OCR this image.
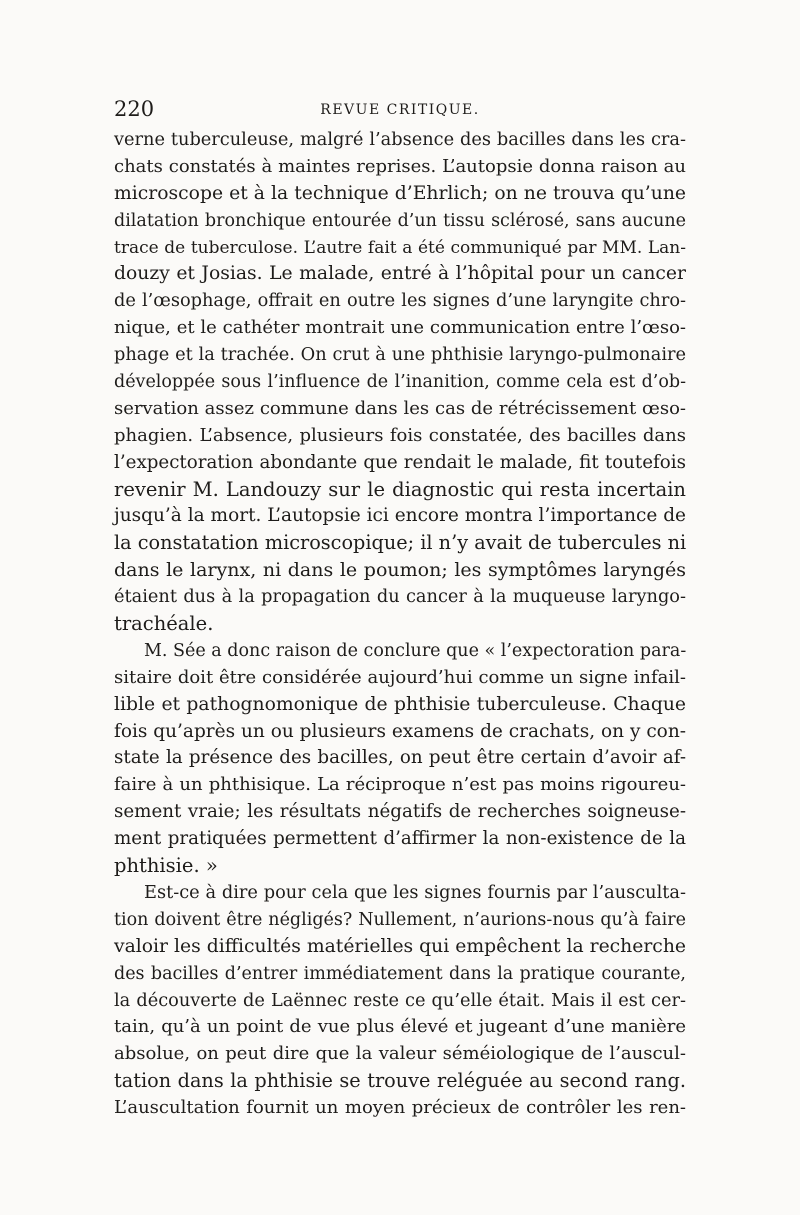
220	REVUE CRITIQUE.
verne tuberculeuse, malgré l’absence des bacilles dans les cra-
chats constatés à maintes reprises. L’autopsie donna raison au
microscope et à la technique d’Ehrlich; on ne trouva qu’une
dilatation bronchique entourée d’un tissu sclérosé, sans aucune
trace de tuberculose. L’autre fait a été communiqué par MM. Lan-
douzy et Josias. Le malade, entré à l’hôpital pour un cancer
de l’œsophage, offrait en outre les signes d’une laryngite chro-
nique, et le cathéter montrait une communication entre l’œso-
phage et la trachée. On crut à une phthisie laryngo-pulmonaire
développée sous l’influence de l’inanition, comme cela est d’ob-
servation assez commune dans les cas de rétrécissement œso-
phagien. L’absence, plusieurs fois constatée, des bacilles dans
l’expectoration abondante que rendait le malade, fit toutefois
revenir M. Landouzy sur le diagnostic qui resta incertain
jusqu’à la mort. L’autopsie ici encore montra l’importance de
la constatation microscopique; il n’y avait de tubercules ni
dans le larynx, ni dans le poumon; les symptômes laryngés
étaient dus à la propagation du cancer à la muqueuse laryngo-
trachéale.
M. Sée a donc raison de conclure que « l’expectoration para-
sitaire doit être considérée aujourd’hui comme un signe infail-
lible et pathognomonique de phthisie tuberculeuse. Chaque
fois qu’après un ou plusieurs examens de crachats, on y con-
state la présence des bacilles, on peut être certain d’avoir af-
faire à un phthisique. La réciproque n’est pas moins rigoureu-
sement vraie; les résultats négatifs de recherches soigneuse-
ment pratiquées permettent d’affirmer la non-existence de la
phthisie. »
Est-ce à dire pour cela que les signes fournis par l’ausculta-
tion doivent être négligés? Nullement, n’aurions-nous qu’à faire
valoir les difficultés matérielles qui empêchent la recherche
des bacilles d’entrer immédiatement dans la pratique courante,
la découverte de Laënnec reste ce qu’elle était. Mais il est cer-
tain, qu’à un point de vue plus élevé et jugeant d’une manière
absolue, on peut dire que la valeur séméiologique de l’auscul-
tation dans la phthisie se trouve reléguée au second rang.
L’auscultation fournit un moyen précieux de contrôler les ren-
